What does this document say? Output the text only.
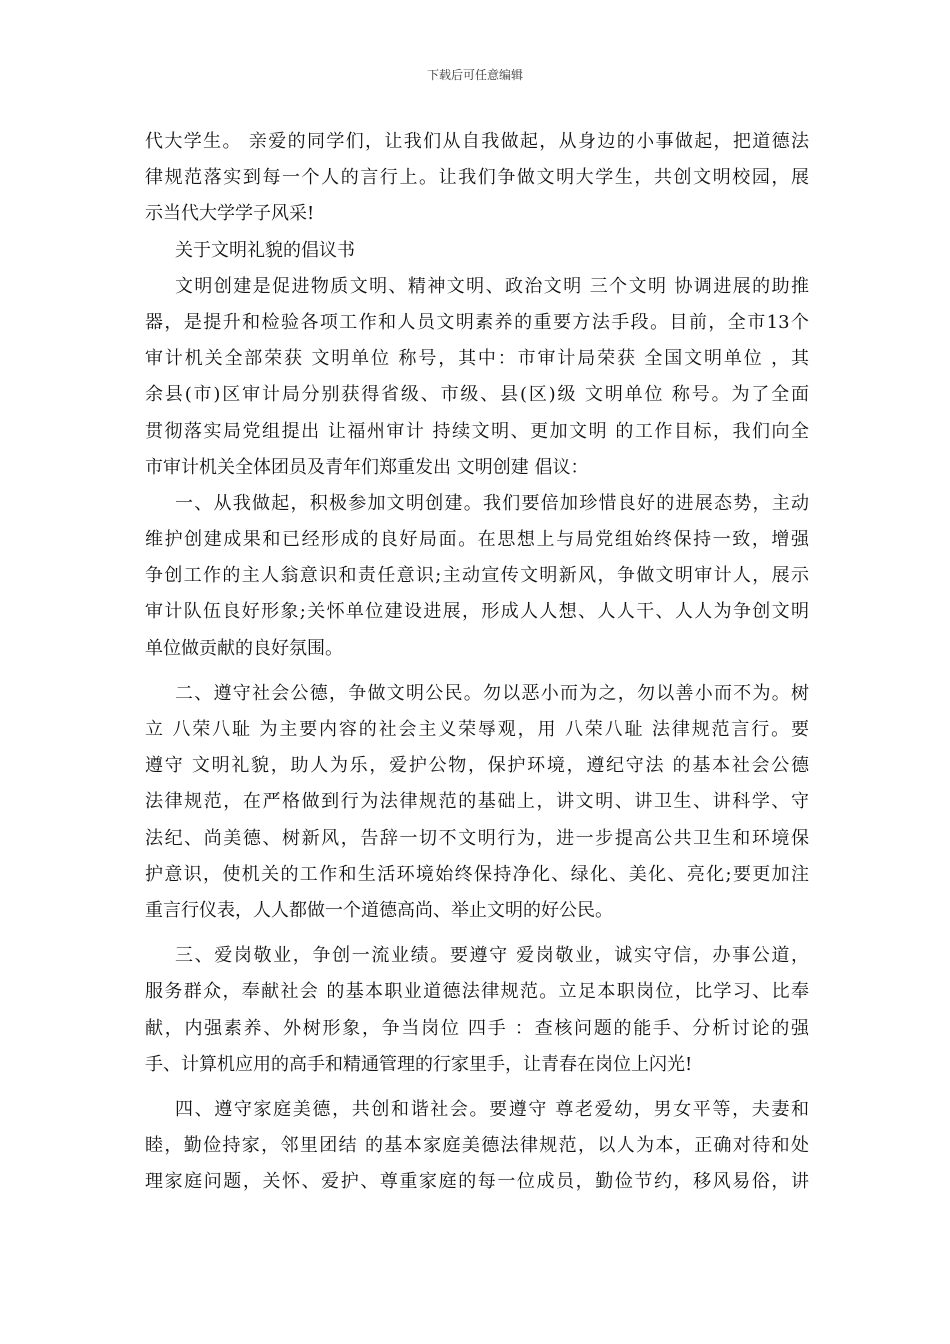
下载后可任意编辑
代大学生。 亲爱的同学们，让我们从自我做起，从身边的小事做起，把道德法
律规范落实到每一个人的言行上。让我们争做文明大学生，共创文明校园，展
示当代大学学子风采!
关于文明礼貌的倡议书
文明创建是促进物质文明、精神文明、政治文明 三个文明 协调进展的助推
器，是提升和检验各项工作和人员文明素养的重要方法手段。目前，全市13个
审计机关全部荣获 文明单位 称号，其中：市审计局荣获 全国文明单位 ，其
余县(市)区审计局分别获得省级、市级、县(区)级 文明单位 称号。为了全面
贯彻落实局党组提出 让福州审计 持续文明、更加文明 的工作目标，我们向全
市审计机关全体团员及青年们郑重发出 文明创建 倡议：
一、从我做起，积极参加文明创建。我们要倍加珍惜良好的进展态势，主动
维护创建成果和已经形成的良好局面。在思想上与局党组始终保持一致，增强
争创工作的主人翁意识和责任意识;主动宣传文明新风，争做文明审计人，展示
审计队伍良好形象;关怀单位建设进展，形成人人想、人人干、人人为争创文明
单位做贡献的良好氛围。
二、遵守社会公德，争做文明公民。勿以恶小而为之，勿以善小而不为。树
立 八荣八耻 为主要内容的社会主义荣辱观，用 八荣八耻 法律规范言行。要
遵守 文明礼貌，助人为乐，爱护公物，保护环境，遵纪守法 的基本社会公德
法律规范，在严格做到行为法律规范的基础上，讲文明、讲卫生、讲科学、守
法纪、尚美德、树新风，告辞一切不文明行为，进一步提高公共卫生和环境保
护意识，使机关的工作和生活环境始终保持净化、绿化、美化、亮化;要更加注
重言行仪表，人人都做一个道德高尚、举止文明的好公民。
三、爱岗敬业，争创一流业绩。要遵守 爱岗敬业，诚实守信，办事公道，
服务群众，奉献社会 的基本职业道德法律规范。立足本职岗位，比学习、比奉
献，内强素养、外树形象，争当岗位 四手 ：查核问题的能手、分析讨论的强
手、计算机应用的高手和精通管理的行家里手，让青春在岗位上闪光!
四、遵守家庭美德，共创和谐社会。要遵守 尊老爱幼，男女平等，夫妻和
睦，勤俭持家，邻里团结 的基本家庭美德法律规范，以人为本，正确对待和处
理家庭问题，关怀、爱护、尊重家庭的每一位成员，勤俭节约，移风易俗，讲
